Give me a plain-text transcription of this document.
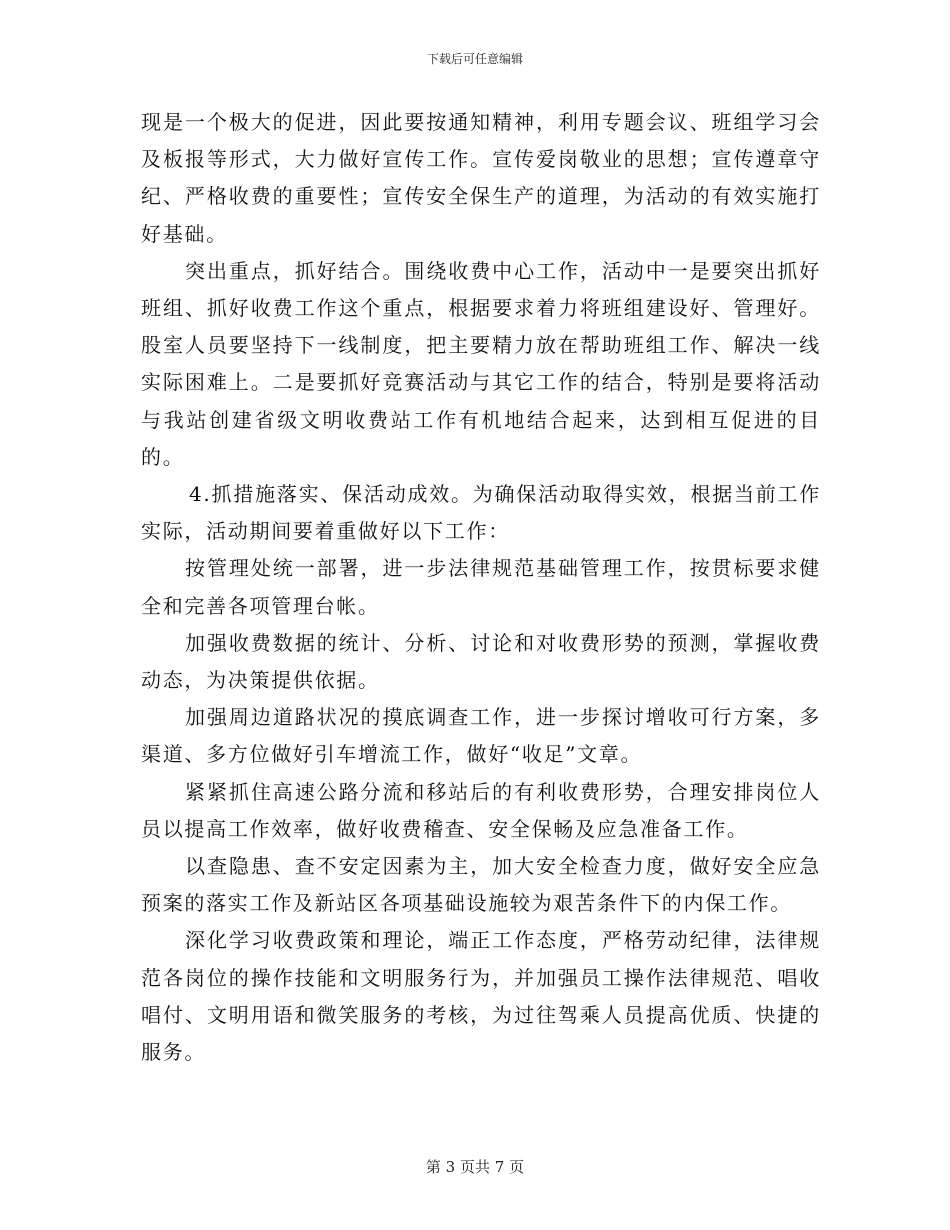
下载后可任意编辑

现是一个极大的促进，因此要按通知精神，利用专题会议、班组学习会及板报等形式，大力做好宣传工作。宣传爱岗敬业的思想；宣传遵章守纪、严格收费的重要性；宣传安全保生产的道理，为活动的有效实施打好基础。

突出重点，抓好结合。围绕收费中心工作，活动中一是要突出抓好班组、抓好收费工作这个重点，根据要求着力将班组建设好、管理好。股室人员要坚持下一线制度，把主要精力放在帮助班组工作、解决一线实际困难上。二是要抓好竞赛活动与其它工作的结合，特别是要将活动与我站创建省级文明收费站工作有机地结合起来，达到相互促进的目的。

4.抓措施落实、保活动成效。为确保活动取得实效，根据当前工作实际，活动期间要着重做好以下工作：

按管理处统一部署，进一步法律规范基础管理工作，按贯标要求健全和完善各项管理台帐。

加强收费数据的统计、分析、讨论和对收费形势的预测，掌握收费动态，为决策提供依据。

加强周边道路状况的摸底调查工作，进一步探讨增收可行方案，多渠道、多方位做好引车增流工作，做好“收足”文章。

紧紧抓住高速公路分流和移站后的有利收费形势，合理安排岗位人员以提高工作效率，做好收费稽查、安全保畅及应急准备工作。

以查隐患、查不安定因素为主，加大安全检查力度，做好安全应急预案的落实工作及新站区各项基础设施较为艰苦条件下的内保工作。

深化学习收费政策和理论，端正工作态度，严格劳动纪律，法律规范各岗位的操作技能和文明服务行为，并加强员工操作法律规范、唱收唱付、文明用语和微笑服务的考核，为过往驾乘人员提高优质、快捷的服务。

第 3 页共 7 页
